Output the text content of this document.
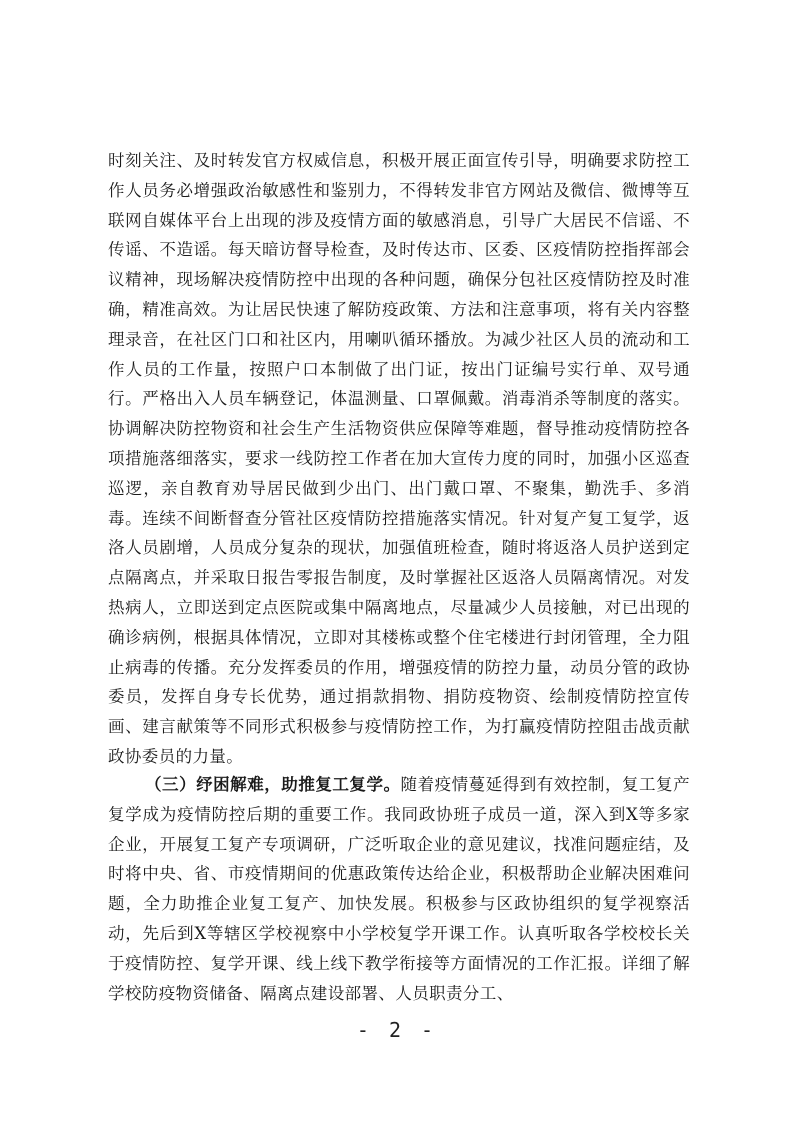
时刻关注、及时转发官方权威信息，积极开展正面宣传引导，明确要求防控工作人员务必增强政治敏感性和鉴别力，不得转发非官方网站及微信、微博等互联网自媒体平台上出现的涉及疫情方面的敏感消息，引导广大居民不信谣、不传谣、不造谣。每天暗访督导检查，及时传达市、区委、区疫情防控指挥部会议精神，现场解决疫情防控中出现的各种问题，确保分包社区疫情防控及时准确，精准高效。为让居民快速了解防疫政策、方法和注意事项，将有关内容整理录音，在社区门口和社区内，用喇叭循环播放。为减少社区人员的流动和工作人员的工作量，按照户口本制做了出门证，按出门证编号实行单、双号通行。严格出入人员车辆登记，体温测量、口罩佩戴。消毒消杀等制度的落实。协调解决防控物资和社会生产生活物资供应保障等难题，督导推动疫情防控各项措施落细落实，要求一线防控工作者在加大宣传力度的同时，加强小区巡查巡逻，亲自教育劝导居民做到少出门、出门戴口罩、不聚集，勤洗手、多消毒。连续不间断督查分管社区疫情防控措施落实情况。针对复产复工复学，返洛人员剧增，人员成分复杂的现状，加强值班检查，随时将返洛人员护送到定点隔离点，并采取日报告零报告制度，及时掌握社区返洛人员隔离情况。对发热病人，立即送到定点医院或集中隔离地点，尽量减少人员接触，对已出现的确诊病例，根据具体情况，立即对其楼栋或整个住宅楼进行封闭管理，全力阻止病毒的传播。充分发挥委员的作用，增强疫情的防控力量，动员分管的政协委员，发挥自身专长优势，通过捐款捐物、捐防疫物资、绘制疫情防控宣传画、建言献策等不同形式积极参与疫情防控工作，为打赢疫情防控阻击战贡献政协委员的力量。

（三）纾困解难，助推复工复学。随着疫情蔓延得到有效控制，复工复产复学成为疫情防控后期的重要工作。我同政协班子成员一道，深入到X等多家企业，开展复工复产专项调研，广泛听取企业的意见建议，找准问题症结，及时将中央、省、市疫情期间的优惠政策传达给企业，积极帮助企业解决困难问题，全力助推企业复工复产、加快发展。积极参与区政协组织的复学视察活动，先后到X等辖区学校视察中小学校复学开课工作。认真听取各学校校长关于疫情防控、复学开课、线上线下教学衔接等方面情况的工作汇报。详细了解学校防疫物资储备、隔离点建设部署、人员职责分工、

- 2 -
